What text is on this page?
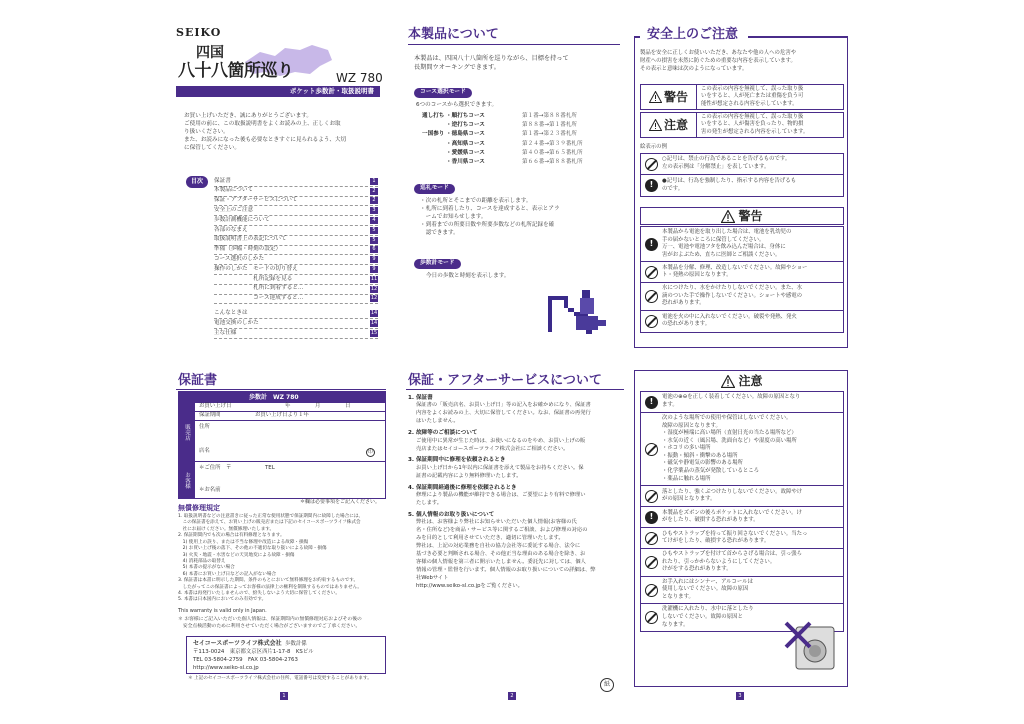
SEIKO
四国
八十八箇所巡り	WZ 780
ポケット歩数計・取扱説明書
お買い上げいただき、誠にありがとうございます。
ご使用の前に、この取扱説明書をよくお読みの上、正しくお取
り扱いください。
また、お読みになった後も必要なときすぐに見られるよう、大切
に保管してください。
目次	保証書	1
本製品について	2
保証・アフターサービスについて	2
安全上のご注意	3
歩数計測機能について	4
各部のなまえ	5
取扱説明書上の表記について	5
準備（歩幅・時刻の設定）	6
コース選択のしかた	9
操作のしかた　モードの切り替え	9
　　　　　　　札所記録を見る	11
　　　　　　　札所に到着すると…	12
　　　　　　　コース達成すると…	12
こんなときは	14
電池交換のしかた	14
主な仕様	15
本製品について
本製品は、四国八十八箇所を巡りながら、目標を持って
長期間ウオーキングできます。
コース選択モード
6つのコースから選択できます。
通し打ち ・順打ちコース	第１番→第８８番札所
・逆打ちコース	第８８番→第１番札所
一国参り ・徳島県コース	第１番→第２３番札所
・高知県コース	第２４番→第３９番札所
・愛媛県コース	第４０番→第６５番札所
・香川県コース	第６６番→第８８番札所
巡礼モード
・次の札所とそこまでの距離を表示します。
・札所に到着したり、コースを達成すると、表示とアラ
　ームでお知らせします。
・到着までの所要日数や所要歩数などの札所記録を確
　認できます。
歩数計モード
今日の歩数と時刻を表示します。
安全上のご注意
製品を安全に正しくお使いいただき、あなたや他の人への危害や
財産への損害を未然に防ぐための重要な内容を表示しています。
その表示と意味は次のようになっています。
警告
この表示の内容を無視して、誤った取り扱
いをすると、人が死亡または重傷を負う可
能性が想定される内容を示しています。
注意
この表示の内容を無視して、誤った取り扱
いをすると、人が傷害を負ったり、物的損
害の発生が想定される内容を示しています。
絵表示の例
○記号は、禁止の行為であることを告げるものです。
左の表示例は「分解禁止」を表しています。
!	●記号は、行為を強制したり、指示する内容を告げるも
のです。
警告
!
本製品から電池を取り出した場合は、電池を乳幼児の
手の届かないところに保管してください。
万一、電池や電池フタを飲み込んだ場合は、身体に
害がおよぶため、直ちに医師とご相談ください。
本製品を分解、修理、改造しないでください。故障やショー
ト・発熱の原因となります。
水につけたり、水をかけたりしないでください。また、水
滴のついた手で操作しないでください。ショートや感電の
恐れがあります。
電池を火の中に入れないでください。破裂や発熱、発火
の恐れがあります。
保証書
歩数計　WZ 780
販売店
お客様
お買い上げ日	年	月	日
保証期間	お買い上げ日より１年
住所
店名	印
＊ご住所　〒	TEL
＊お名前
＊欄は必要事項をご記入ください。
無償修理規定
1. 取扱説明書などの注意書きに従った正常な使用状態で保証期間内に故障した場合には、
　この保証書を添えて、お買い上げの販売店または下記のセイコースポーツライフ株式会
　社にお届けください。無償修理いたします。
2. 保証期間内でも次の場合は有料修理となります。
　1) 使用上の誤り、または不当な修理や改造による故障・損傷
　2) お買い上げ後の落下、その他の不適切な取り扱いによる故障・損傷
　3) 火災・地震・水害などの天災地変による故障・損傷
　4) 消耗部品の取替え
　5) 本書の提示がない場合
　6) 本書にお買い上げ日などの記入がない場合
3. 保証書は本書に明示した期間、条件のもとにおいて無料修理をお約束するものです。
　したがってこの保証書によってお客様の法律上の権利を制限するものではありません。
4. 本書は再発行いたしませんので、紛失しないよう大切に保管してください。
5. 本書は日本国内においてのみ有効です。
This warranty is valid only in Japan.
＊ お客様にご記入いただいた個人情報は、保証期間内の無償修理対応およびその後の
　安全点検活動のために利用させていただく場合がございますのでご了承ください。
セイコースポーツライフ株式会社 歩数計係
〒113-0024　東京都文京区西片1-17-8　KSビル
TEL 03-5804-2759　FAX 03-5804-2763
http://www.seiko-sl.co.jp
＊ 上記のセイコースポーツライフ株式会社の住所、電話番号は変更することがあります。
保証・アフターサービスについて
1. 保証書
保証書の「販売店名、お買い上げ日」等の記入をお確かめになり、保証書
内容をよくお読みの上、大切に保管してください。なお、保証書の再発行
はいたしません。
2. 故障等のご相談について
ご使用中に異常が生じた時は、お使いになるのをやめ、お買い上げの販
売店またはセイコースポーツライフ株式会社にご相談ください。
3. 保証期間中に修理を依頼されるとき
お買い上げ日から1年以内に保証書を添えて製品をお持ちください。保
証書の記載内容により無料修理いたします。
4. 保証期間経過後に修理を依頼されるとき
修理により製品の機能が維持できる場合は、ご要望により有料で修理い
たします。
5. 個人情報のお取り扱いについて
弊社は、お客様より弊社にお知らせいただいた個人情報(お客様の氏
名・住所など)を商品・サービス等に関するご相談、および修理の対応の
みを目的として利用させていただき、適切に管理いたします。
弊社は、上記の対応業務を自社の協力会社等に委託する場合、法令に
基づき必要と判断される場合、その他正当な理由のある場合を除き、お
客様の個人情報を第三者に開示いたしません。委託先に対しては、個人
情報の管理・監督を行います。個人情報のお取り扱いについての詳細は、弊
社Webサイト
http://www.seiko-sl.co.jpをご覧ください。
注意
!	電池の⊕⊖を正しく装着してください。故障の原因となり
ます。
次のような場所での使用や保管はしないでください。
故障の原因となります。
・湿度が極端に高い場所（直射日光の当たる場所など）
・水気の近く（風呂場、洗面台など）や湿度の高い場所
・ホコリの多い場所
・振動・傾斜・衝撃のある場所
・磁気や静電気の影響のある場所
・化学薬品の蒸気が発散しているところ
・薬品に触れる場所
落としたり、強くぶつけたりしないでください。故障やけ
がの原因となります。
!	本製品をズボンの後ろポケットに入れないでください。け
がをしたり、破損する恐れがあります。
ひもやストラップを持って振り回さないでください。当たっ
てけがをしたり、破損する恐れがあります。
ひもやストラップを付けて首からさげる場合は、引っ張ら
れたり、引っかからないようにしてください。
けがをする恐れがあります。
お手入れにはシンナー、アルコールは
使用しないでください。故障の原因
となります。
洗濯機に入れたり、水中に落としたり
しないでください。故障の原因と
なります。
1	2	3
紙
